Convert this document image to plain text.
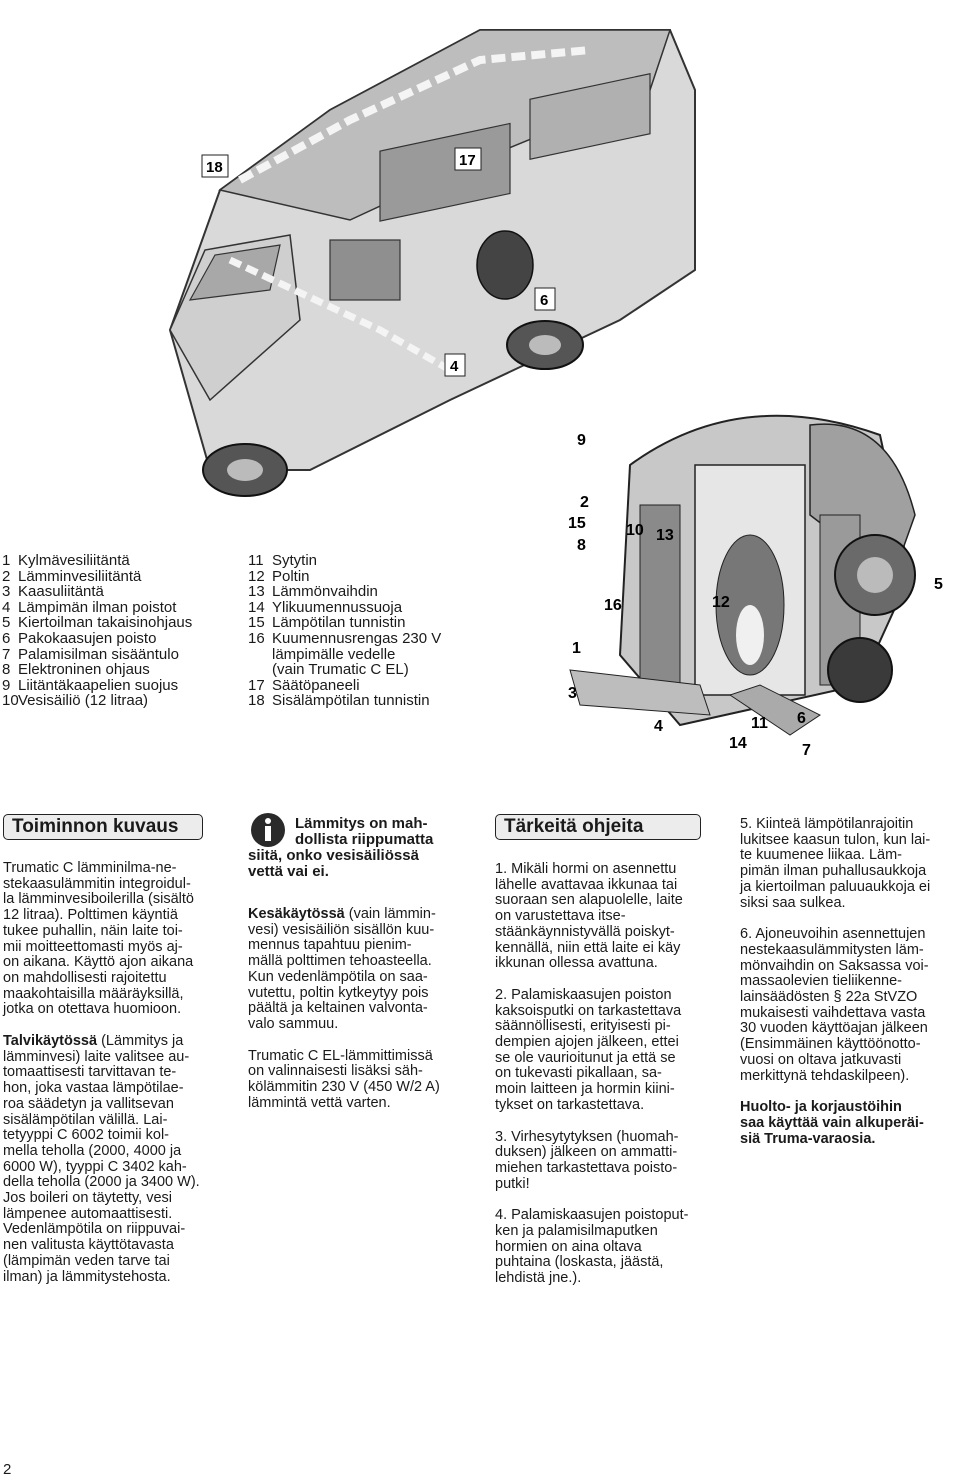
18	17
6
4
9
2
15
8
10 13
16	12
1
3
4	6
11
14	7
5
1 Kylmävesiliitäntä
2 Lämminvesiliitäntä
3 Kaasuliitäntä
4 Lämpimän ilman poistot
5 Kiertoilman takaisinohjaus
6 Pakokaasujen poisto
7 Palamisilman sisääntulo
8 Elektroninen ohjaus
9 Liitäntäkaapelien suojus
10Vesisäiliö (12 litraa)
11 Sytytin
12 Poltin
13 Lämmönvaihdin
14 Ylikuumennussuoja
15 Lämpötilan tunnistin
16 Kuumennusrengas 230 V
lämpimälle vedelle
(vain Trumatic C EL)
17 Säätöpaneeli
18 Sisälämpötilan tunnistin
Toiminnon kuvaus	Tärkeitä ohjeita

Trumatic C lämminilma-ne-
stekaasulämmitin integroidul-
la lämminvesiboilerilla (sisältö
12 litraa). Polttimen käyntiä
tukee puhallin, näin laite toi-
mii moitteettomasti myös aj-
on aikana. Käyttö ajon aikana
on mahdollisesti rajoitettu
maakohtaisilla määräyksillä,
jotka on otettava huomioon.

Talvikäytössä (Lämmitys ja
lämminvesi) laite valitsee au-
tomaattisesti tarvittavan te-
hon, joka vastaa lämpötilae-
roa säädetyn ja vallitsevan
sisälämpötilan välillä. Lai-
tetyyppi C 6002 toimii kol-
mella teholla (2000, 4000 ja
6000 W), tyyppi C 3402 kah-
della teholla (2000 ja 3400 W).
Jos boileri on täytetty, vesi
lämpenee automaattisesti.
Vedenlämpötila on riippuvai-
nen valitusta käyttötavasta
(lämpimän veden tarve tai
ilman) ja lämmitystehosta.

Lämmitys on mah-
dollista riippumatta
siitä, onko vesisäiliössä
vettä vai ei.

Kesäkäytössä (vain lämmin-
vesi) vesisäiliön sisällön kuu-
mennus tapahtuu pienim-
mällä polttimen tehoasteella.
Kun vedenlämpötila on saa-
vutettu, poltin kytkeytyy pois
päältä ja keltainen valvonta-
valo sammuu.

Trumatic C EL-lämmittimissä
on valinnaisesti lisäksi säh-
kölämmitin 230 V (450 W/2 A)
lämmintä vettä varten.

1. Mikäli hormi on asennettu
lähelle avattavaa ikkunaa tai
suoraan sen alapuolelle, laite
on varustettava itse-
stäänkäynnistyvällä poiskyt-
kennällä, niin että laite ei käy
ikkunan ollessa avattuna.

2. Palamiskaasujen poiston
kaksoisputki on tarkastettava
säännöllisesti, erityisesti pi-
dempien ajojen jälkeen, ettei
se ole vaurioitunut ja että se
on tukevasti pikallaan, sa-
moin laitteen ja hormin kiini-
tykset on tarkastettava.

3. Virhesytytyksen (huomah-
duksen) jälkeen on ammatti-
miehen tarkastettava poisto-
putki!

4. Palamiskaasujen poistoput-
ken ja palamisilmaputken
hormien on aina oltava
puhtaina (loskasta, jäästä,
lehdistä jne.).

5. Kiinteä lämpötilanrajoitin
lukitsee kaasun tulon, kun lai-
te kuumenee liikaa. Läm-
pimän ilman puhallusaukkoja
ja kiertoilman paluuaukkoja ei
siksi saa sulkea.

6. Ajoneuvoihin asennettujen
nestekaasulämmitysten läm-
mönvaihdin on Saksassa voi-
massaolevien tieliikenne-
lainsäädösten § 22a StVZO
mukaisesti vaihdettava vasta
30 vuoden käyttöajan jälkeen
(Ensimmäinen käyttöönotto-
vuosi on oltava jatkuvasti
merkittynä tehdaskilpeen).

Huolto- ja korjaustöihin
saa käyttää vain alkuperäi-
siä Truma-varaosia.

2
